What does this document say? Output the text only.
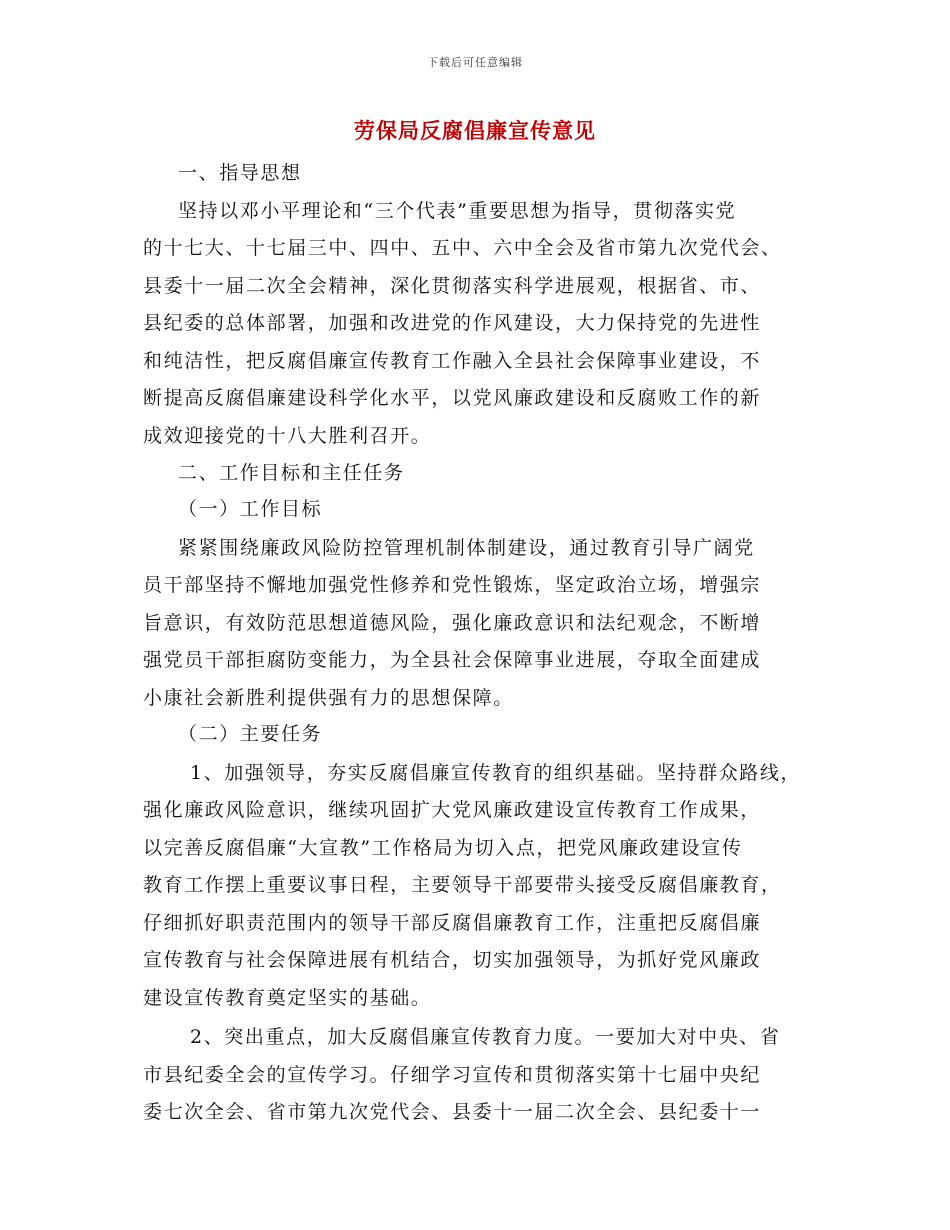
下载后可任意编辑
劳保局反腐倡廉宣传意见
一、指导思想
坚持以邓小平理论和“三个代表”重要思想为指导，贯彻落实党
的十七大、十七届三中、四中、五中、六中全会及省市第九次党代会、
县委十一届二次全会精神，深化贯彻落实科学进展观，根据省、市、
县纪委的总体部署，加强和改进党的作风建设，大力保持党的先进性
和纯洁性，把反腐倡廉宣传教育工作融入全县社会保障事业建设，不
断提高反腐倡廉建设科学化水平，以党风廉政建设和反腐败工作的新
成效迎接党的十八大胜利召开。
二、工作目标和主任任务
（一）工作目标
紧紧围绕廉政风险防控管理机制体制建设，通过教育引导广阔党
员干部坚持不懈地加强党性修养和党性锻炼，坚定政治立场，增强宗
旨意识，有效防范思想道德风险，强化廉政意识和法纪观念，不断增
强党员干部拒腐防变能力，为全县社会保障事业进展，夺取全面建成
小康社会新胜利提供强有力的思想保障。
（二）主要任务
1、加强领导，夯实反腐倡廉宣传教育的组织基础。坚持群众路线，
强化廉政风险意识，继续巩固扩大党风廉政建设宣传教育工作成果，
以完善反腐倡廉“大宣教”工作格局为切入点，把党风廉政建设宣传
教育工作摆上重要议事日程，主要领导干部要带头接受反腐倡廉教育，
仔细抓好职责范围内的领导干部反腐倡廉教育工作，注重把反腐倡廉
宣传教育与社会保障进展有机结合，切实加强领导，为抓好党风廉政
建设宣传教育奠定坚实的基础。
2、突出重点，加大反腐倡廉宣传教育力度。一要加大对中央、省
市县纪委全会的宣传学习。仔细学习宣传和贯彻落实第十七届中央纪
委七次全会、省市第九次党代会、县委十一届二次全会、县纪委十一
